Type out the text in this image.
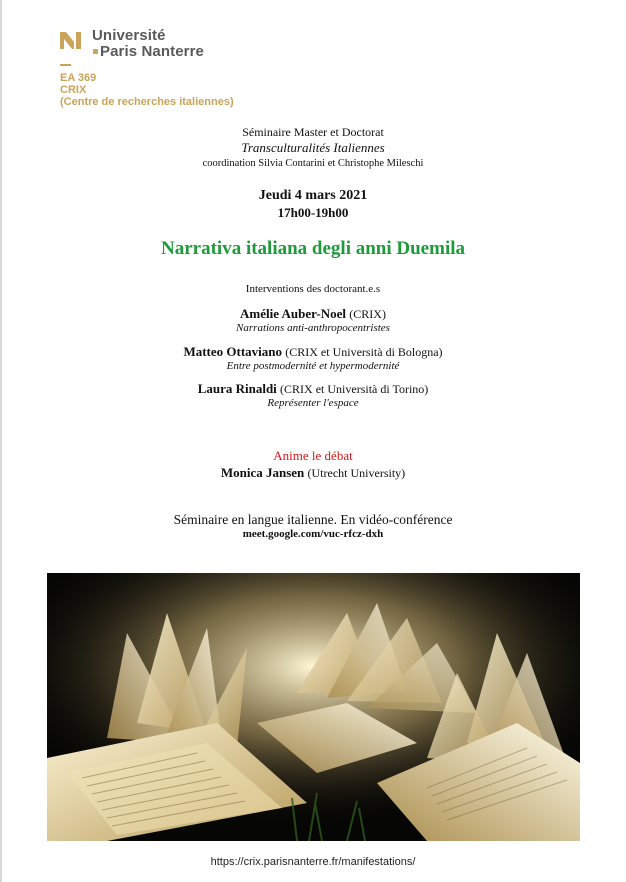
Université
Paris Nanterre
EA 369
CRIX
(Centre de recherches italiennes)
Séminaire Master et Doctorat
Transculturalités Italiennes
coordination Silvia Contarini et Christophe Mileschi
Jeudi 4 mars 2021
17h00-19h00
Narrativa italiana degli anni Duemila
Interventions des doctorant.e.s
Amélie Auber-Noel (CRIX)
Narrations anti-anthropocentristes
Matteo Ottaviano (CRIX et Università di Bologna)
Entre postmodernité et hypermodernité
Laura Rinaldi (CRIX et Università di Torino)
Représenter l'espace
Anime le débat
Monica Jansen (Utrecht University)
Séminaire en langue italienne. En vidéo-conférence
meet.google.com/vuc-rfcz-dxh
https://crix.parisnanterre.fr/manifestations/
